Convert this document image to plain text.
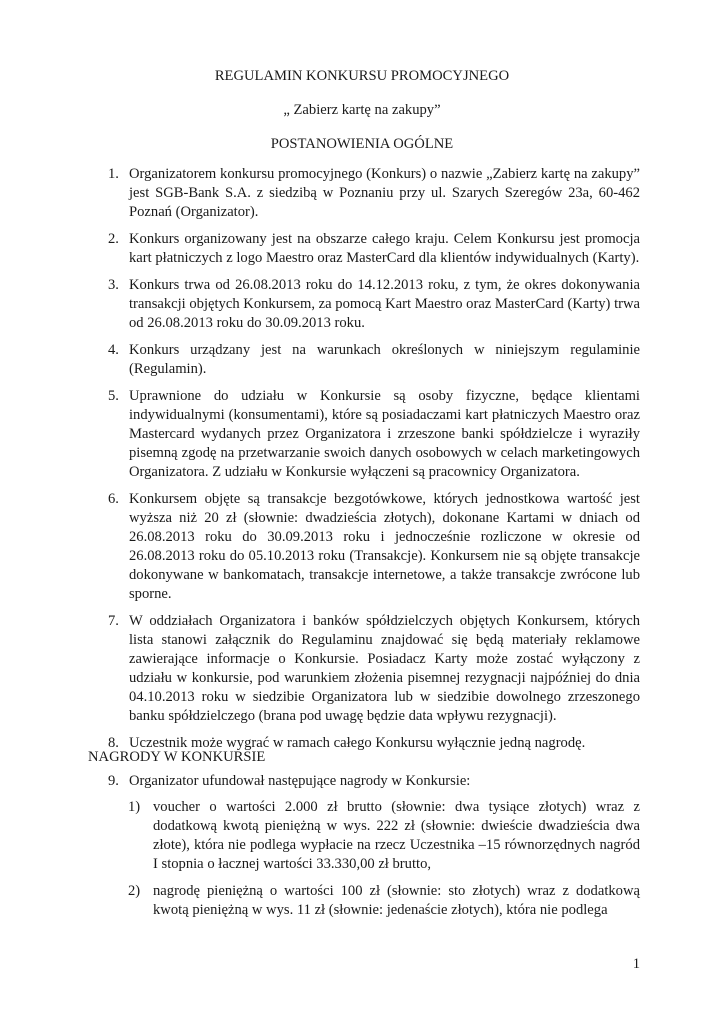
REGULAMIN KONKURSU PROMOCYJNEGO
„ Zabierz kartę na zakupy”
POSTANOWIENIA OGÓLNE
1. Organizatorem konkursu promocyjnego (Konkurs) o nazwie „Zabierz kartę na zakupy” jest SGB-Bank S.A. z siedzibą w Poznaniu przy ul. Szarych Szeregów 23a, 60-462 Poznań (Organizator).
2. Konkurs organizowany jest na obszarze całego kraju. Celem Konkursu jest promocja kart płatniczych z logo Maestro oraz MasterCard dla klientów indywidualnych (Karty).
3. Konkurs trwa od 26.08.2013 roku do 14.12.2013 roku, z tym, że okres dokonywania transakcji objętych Konkursem, za pomocą Kart Maestro oraz MasterCard (Karty) trwa od 26.08.2013 roku do 30.09.2013 roku.
4. Konkurs urządzany jest na warunkach określonych w niniejszym regulaminie (Regulamin).
5. Uprawnione do udziału w Konkursie są osoby fizyczne, będące klientami indywidualnymi (konsumentami), które są posiadaczami kart płatniczych Maestro oraz Mastercard wydanych przez Organizatora i zrzeszone banki spółdzielcze i wyraziły pisemną zgodę na przetwarzanie swoich danych osobowych w celach marketingowych Organizatora. Z udziału w Konkursie wyłączeni są pracownicy Organizatora.
6. Konkursem objęte są transakcje bezgotówkowe, których jednostkowa wartość jest wyższa niż 20 zł (słownie: dwadzieścia złotych), dokonane Kartami w dniach od 26.08.2013 roku do 30.09.2013 roku i jednocześnie rozliczone w okresie od 26.08.2013 roku do 05.10.2013 roku (Transakcje). Konkursem nie są objęte transakcje dokonywane w bankomatach, transakcje internetowe, a także transakcje zwrócone lub sporne.
7. W oddziałach Organizatora i banków spółdzielczych objętych Konkursem, których lista stanowi załącznik do Regulaminu znajdować się będą materiały reklamowe zawierające informacje o Konkursie. Posiadacz Karty może zostać wyłączony z udziału w konkursie, pod warunkiem złożenia pisemnej rezygnacji najpóźniej do dnia 04.10.2013 roku w siedzibie Organizatora lub w siedzibie dowolnego zrzeszonego banku spółdzielczego (brana pod uwagę będzie data wpływu rezygnacji).
8. Uczestnik może wygrać w ramach całego Konkursu wyłącznie jedną nagrodę.
NAGRODY W KONKURSIE
9. Organizator ufundował następujące nagrody w Konkursie:
1) voucher o wartości 2.000 zł brutto (słownie: dwa tysiące złotych) wraz z dodatkową kwotą pieniężną w wys. 222 zł (słownie: dwieście dwadzieścia dwa złote), która nie podlega wypłacie na rzecz Uczestnika –15 równorzędnych nagród I stopnia o łacznej wartości 33.330,00 zł brutto,
2) nagrodę pieniężną o wartości 100 zł (słownie: sto złotych) wraz z dodatkową kwotą pieniężną w wys. 11 zł (słownie: jedenaście złotych), która nie podlega
1
